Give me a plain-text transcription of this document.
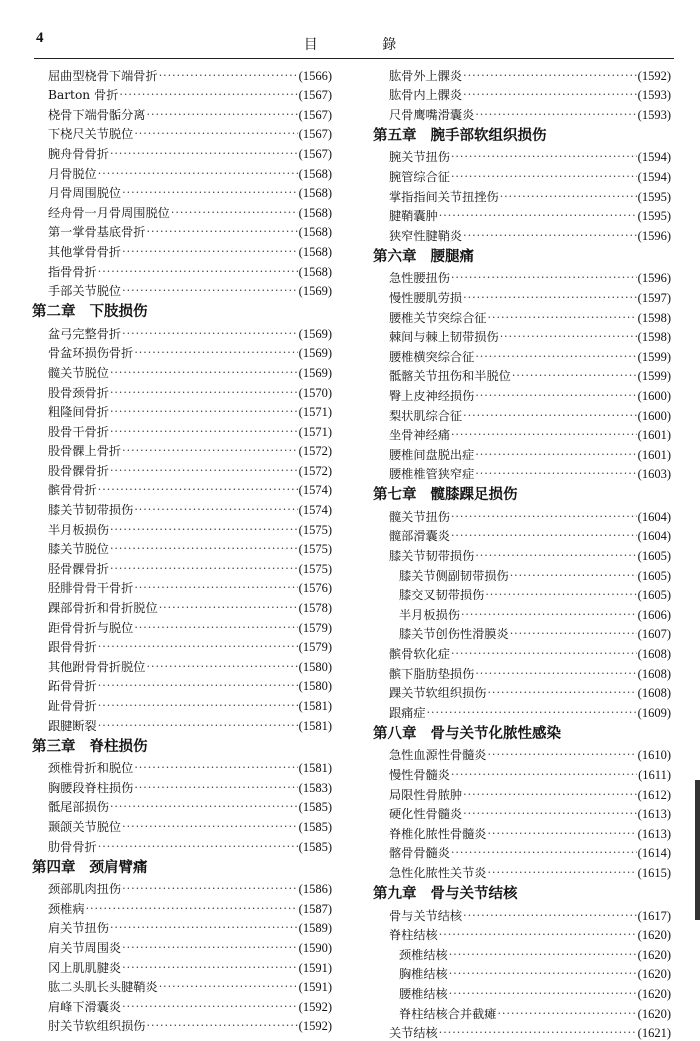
4	目 錄
屈曲型桡骨下端骨折 ·····	(1566)
Barton 骨折 ·····	(1567)
桡骨下端骨骺分离 ·····	(1567)
下桡尺关节脱位 ·····	(1567)
腕舟骨骨折 ·····	(1567)
月骨脱位 ·····	(1568)
月骨周围脱位 ·····	(1568)
经舟骨一月骨周围脱位 ·····	(1568)
第一掌骨基底骨折 ·····	(1568)
其他掌骨骨折 ·····	(1568)
指骨骨折 ·····	(1568)
手部关节脱位 ·····	(1569)
第二章 下肢损伤
盆弓完整骨折 ·····	(1569)
骨盆环损伤骨折 ·····	(1569)
髋关节脱位 ·····	(1569)
股骨颈骨折 ·····	(1570)
粗隆间骨折 ·····	(1571)
股骨干骨折 ·····	(1571)
股骨髁上骨折 ·····	(1572)
股骨髁骨折 ·····	(1572)
髌骨骨折 ·····	(1574)
膝关节韧带损伤 ·····	(1574)
半月板损伤 ·····	(1575)
膝关节脱位 ·····	(1575)
胫骨髁骨折 ·····	(1575)
胫腓骨骨干骨折 ·····	(1576)
踝部骨折和骨折脱位 ·····	(1578)
距骨骨折与脱位 ·····	(1579)
跟骨骨折 ·····	(1579)
其他跗骨骨折脱位 ·····	(1580)
跖骨骨折 ·····	(1580)
趾骨骨折 ·····	(1581)
跟腱断裂 ·····	(1581)
第三章 脊柱损伤
颈椎骨折和脱位 ·····	(1581)
胸腰段脊柱损伤 ·····	(1583)
骶尾部损伤 ·····	(1585)
颞颌关节脱位 ·····	(1585)
肋骨骨折 ·····	(1585)
第四章 颈肩臂痛
颈部肌肉扭伤 ·····	(1586)
颈椎病 ·····	(1587)
肩关节扭伤 ·····	(1589)
肩关节周围炎 ·····	(1590)
冈上肌肌腱炎 ·····	(1591)
肱二头肌长头腱鞘炎 ·····	(1591)
肩峰下滑囊炎 ·····	(1592)
肘关节软组织损伤 ·····	(1592)
肱骨外上髁炎 ·····	(1592)
肱骨内上髁炎 ·····	(1593)
尺骨鹰嘴滑囊炎 ·····	(1593)
第五章 腕手部软组织损伤
腕关节扭伤 ·····	(1594)
腕管综合征 ·····	(1594)
掌指指间关节扭挫伤 ·····	(1595)
腱鞘囊肿 ·····	(1595)
狭窄性腱鞘炎 ·····	(1596)
第六章 腰腿痛
急性腰扭伤 ·····	(1596)
慢性腰肌劳损 ·····	(1597)
腰椎关节突综合征 ·····	(1598)
棘间与棘上韧带损伤 ·····	(1598)
腰椎横突综合征 ·····	(1599)
骶髂关节扭伤和半脱位 ·····	(1599)
臀上皮神经损伤 ·····	(1600)
梨状肌综合征 ·····	(1600)
坐骨神经痛 ·····	(1601)
腰椎间盘脱出症 ·····	(1601)
腰椎椎管狭窄症 ·····	(1603)
第七章 髋膝踝足损伤
髋关节扭伤 ·····	(1604)
髋部滑囊炎 ·····	(1604)
膝关节韧带损伤 ·····	(1605)
膝关节侧副韧带损伤 ·····	(1605)
膝交叉韧带损伤 ·····	(1605)
半月板损伤 ·····	(1606)
膝关节创伤性滑膜炎 ·····	(1607)
髌骨软化症 ·····	(1608)
髌下脂肪垫损伤 ·····	(1608)
踝关节软组织损伤 ·····	(1608)
跟痛症 ·····	(1609)
第八章 骨与关节化脓性感染
急性血源性骨髓炎 ·····	(1610)
慢性骨髓炎 ·····	(1611)
局限性骨脓肿 ·····	(1612)
硬化性骨髓炎 ·····	(1613)
脊椎化脓性骨髓炎 ·····	(1613)
髂骨骨髓炎 ·····	(1614)
急性化脓性关节炎 ·····	(1615)
第九章 骨与关节结核
骨与关节结核 ·····	(1617)
脊柱结核 ·····	(1620)
颈椎结核 ·····	(1620)
胸椎结核 ·····	(1620)
腰椎结核 ·····	(1620)
脊柱结核合并截瘫 ·····	(1620)
关节结核 ·····	(1621)
